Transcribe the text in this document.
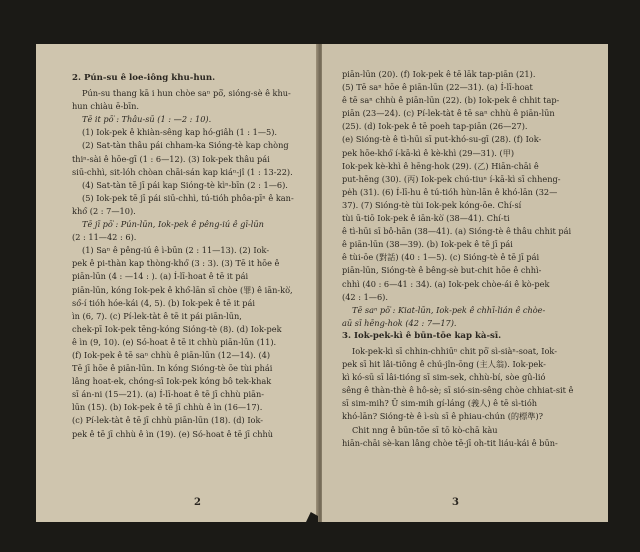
2. Pún-su ê loe-iông khu-hun.
Pún-su thang kā i hun chòe saⁿ pō͘, sióng-sè ê khu-
hun chiàu ē-bīn.
Tē it pō͘ : Thâu-sū (1 : —2 : 10).
(1) Iok-pek ê khiàn-sêng kap hó-giâh (1 : 1—5).
(2) Sat-tàn thâu pái chham-ka Sióng-tè kap chòng
thiⁿ-sài ê hōe-gī (1 : 6—12). (3) Iok-pek thâu pái
siū-chhì, sit-lóh chòan chāi-sán kap kiáⁿ-jî (1 : 13-22).
(4) Sat-tàn tē jī pái kap Sióng-tè kìⁿ-bīn (2 : 1—6).
(5) Iok-pek tē jī pái siū-chhì, tú-tióh phôa-pīⁿ ê kan-
khó͘ (2 : 7—10).
Tē jī pō͘ : Pún-lūn, Iok-pek ê pêng-iú ê gī-lūn
(2 : 11—42 : 6).
(1) Saⁿ ê pêng-iú ê ì-būn (2 : 11—13). (2) Iok-
pek ê pi-thàn kap thòng-khó͘ (3 : 3). (3) Tē it hōe ê
piān-lūn (4 : —14 : ). (a) Í-lī-hoat ê tē it pái
piān-lūn, kóng Iok-pek ê khó͘-lān sī chòe (罪) ê iān-kò͘,
só͘-í tióh hóe-kái (4, 5). (b) Iok-pek ê tē it pái
ìn (6, 7). (c) Pí-lek-tàt ê tē it pái piān-lūn,
chek-pī Iok-pek tēng-kóng Sióng-tè (8). (d) Iok-pek
ê ìn (9, 10). (e) Só-hoat ê tē it chhù piān-lūn (11).
(f) Iok-pek ê tē saⁿ chhù ê piān-lūn (12—14). (4)
Tē jī hōe ê piān-lūn. In kóng Sióng-tè ōe tùi phái
lâng hoat-ek, chóng-sī Iok-pek kóng bô tek-khak
sī án-ni (15—21). (a) Í-lī-hoat ê tē jī chhù piān-
lūn (15). (b) Iok-pek ê tē jī chhù ê ìn (16—17).
(c) Pí-lek-tàt ê tē jī chhù piān-lūn (18). (d) Iok-
pek ê tē jī chhù ê ìn (19). (e) Só-hoat ê tē jī chhù
2
piān-lūn (20). (f) Iok-pek ê tē lāk tap-piān (21).
(5) Tē saⁿ hōe ê piān-lūn (22—31). (a) Í-lī-hoat
ê tē saⁿ chhù ê piān-lūn (22). (b) Iok-pek ê chhit tap-
piān (23—24). (c) Pí-lek-tàt ê tē saⁿ chhù ê piān-lūn
(25). (d) Iok-pek ê tē poeh tap-piān (26—27).
(e) Sióng-tè ê tì-hūi sī put-khó-su-gī (28). (f) Iok-
pek hōe-khó͘ í-kā-kì ê kè-khì (29—31). (甲)
Iok-pek kè-khì ê hēng-hok (29). (乙) Hiān-chāi ê
put-hēng (30). (丙) Iok-pek chú-tiuⁿ í-kā-kì sī chheng-
pėh (31). (6) Í-lī-hu ê tú-tióh hùn-lān ê khó-lān (32—
37). (7) Sióng-tè tùi Iok-pek kóng-ōe. Chí-sí
tùi ū-tiō Iok-pek ê iān-kò͘ (38—41). Chí-ti
ê tì-hūi sī bô-hān (38—41). (a) Sióng-tè ê thâu chhit pái
ê piān-lūn (38—39). (b) Iok-pek ê tē jī pái
ê tùi-ōe (對話) (40 : 1—5). (c) Sióng-tè ê tē jī pái
piān-lūn, Sióng-tè ê bêng-sè but-chit hōe ê chhì-
chhì (40 : 6—41 : 34). (a) Iok-pek chòe-ái ê kò-pek
(42 : 1—6).
Tē saⁿ pō͘ : Kiat-lūn, Iok-pek ê chhī-lián ê chòe-
aū sī hēng-hok (42 : 7—17).
3. Iok-pek-kì ê būn-tōe kap kà-sī.
Iok-pek-kì sī chhin-chhiūⁿ chit pō͘ sì-siàⁿ-soat, Iok-
pek sī hit lâi-tiōng ê chú-jîn-ōng (主人翁). Iok-pek-
kì kó-sū sī lâi-tióng sī sim-sek, chhù-bí, sòe gû-lió
sêng ê thàn-thè ê hô-sè; sī sió-sin-sêng chòe chhiat-sit ê
sī sim-mih? Ū sim-mih gí-láng (義人) ê tē sì-tióh
khó-lān? Sióng-tè ê ì-sù sī ê phiau-chún (的標準)?
Chit nng ê būn-tōe sī tō kò-chā kàu
hiān-chāi sè-kan lâng chòe tē-jī oh-tit liáu-kái ê būn-
3
